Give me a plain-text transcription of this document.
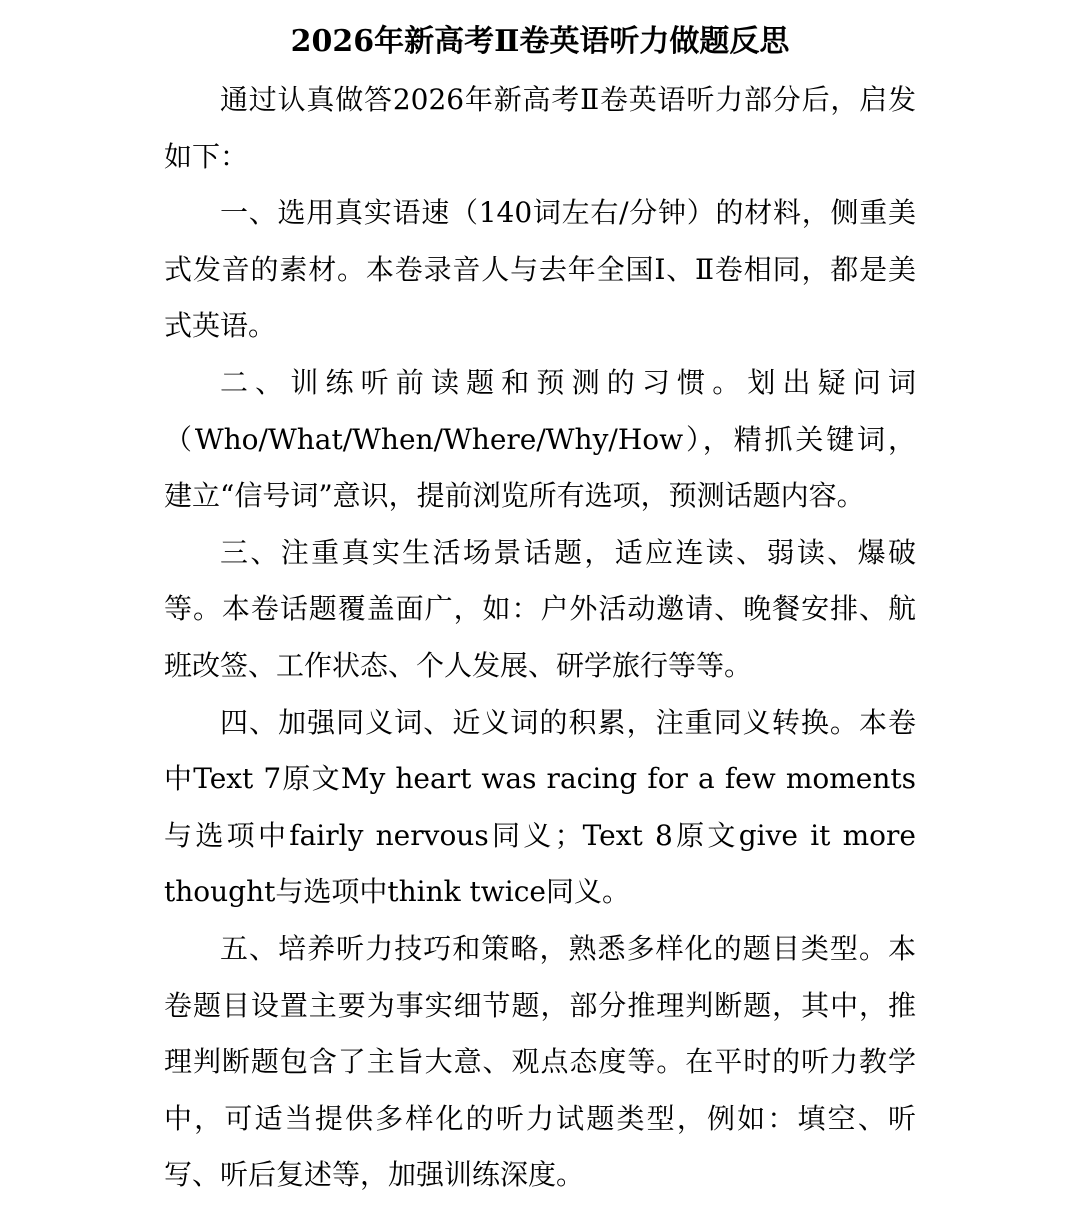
2026年新高考Ⅱ卷英语听力做题反思

通过认真做答2026年新高考Ⅱ卷英语听力部分后，启发如下：

一、选用真实语速（140词左右/分钟）的材料，侧重美式发音的素材。本卷录音人与去年全国Ⅰ、Ⅱ卷相同，都是美式英语。

二、训练听前读题和预测的习惯。划出疑问词（Who/What/When/Where/Why/How），精抓关键词，建立“信号词”意识，提前浏览所有选项，预测话题内容。

三、注重真实生活场景话题，适应连读、弱读、爆破等。本卷话题覆盖面广，如：户外活动邀请、晚餐安排、航班改签、工作状态、个人发展、研学旅行等等。

四、加强同义词、近义词的积累，注重同义转换。本卷中Text 7原文My heart was racing for a few moments与选项中fairly nervous同义；Text 8原文give it more thought与选项中think twice同义。

五、培养听力技巧和策略，熟悉多样化的题目类型。本卷题目设置主要为事实细节题，部分推理判断题，其中，推理判断题包含了主旨大意、观点态度等。在平时的听力教学中，可适当提供多样化的听力试题类型，例如：填空、听写、听后复述等，加强训练深度。
